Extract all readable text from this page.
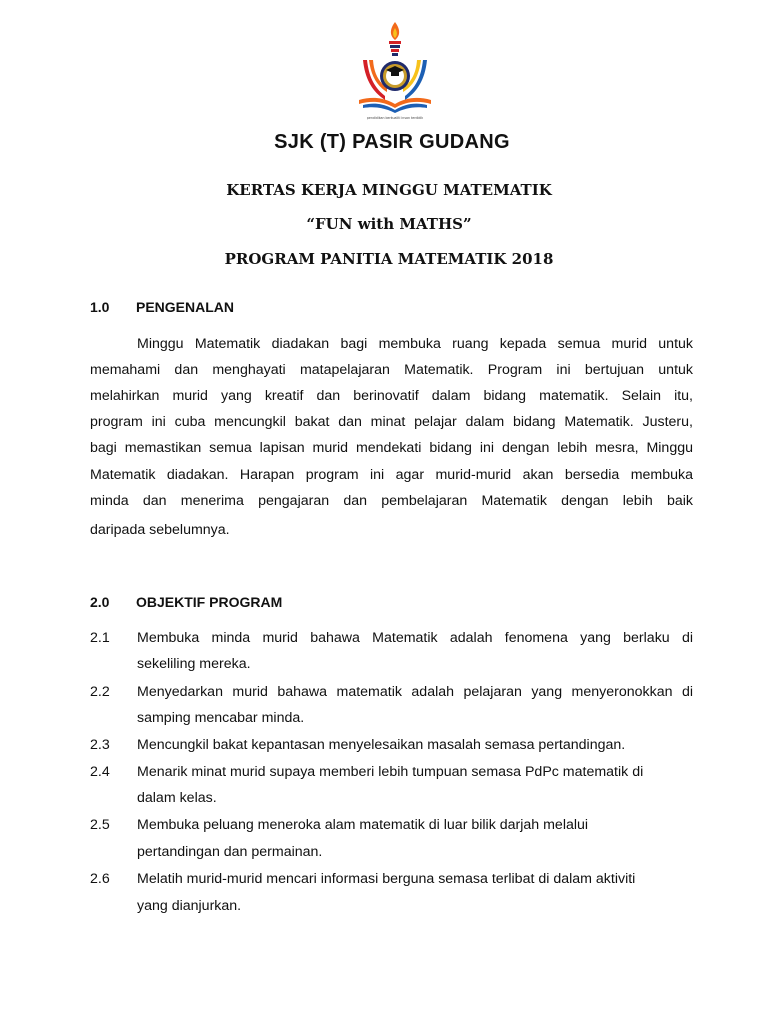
pendidikan berkualiti insan terdidik
SJK (T) PASIR GUDANG
KERTAS KERJA MINGGU MATEMATIK
“FUN with MATHS”
PROGRAM PANITIA MATEMATIK 2018
1.0 PENGENALAN
Minggu Matematik diadakan bagi membuka ruang kepada semua murid untuk
memahami dan menghayati matapelajaran Matematik. Program ini bertujuan untuk
melahirkan murid yang kreatif dan berinovatif dalam bidang matematik. Selain itu,
program ini cuba mencungkil bakat dan minat pelajar dalam bidang Matematik. Justeru,
bagi memastikan semua lapisan murid mendekati bidang ini dengan lebih mesra, Minggu
Matematik diadakan. Harapan program ini agar murid-murid akan bersedia membuka
minda dan menerima pengajaran dan pembelajaran Matematik dengan lebih baik
daripada sebelumnya.
2.0 OBJEKTIF PROGRAM
2.1 Membuka minda murid bahawa Matematik adalah fenomena yang berlaku di
sekeliling mereka.
2.2 Menyedarkan murid bahawa matematik adalah pelajaran yang menyeronokkan di
samping mencabar minda.
2.3 Mencungkil bakat kepantasan menyelesaikan masalah semasa pertandingan.
2.4 Menarik minat murid supaya memberi lebih tumpuan semasa PdPc matematik di
dalam kelas.
2.5 Membuka peluang meneroka alam matematik di luar bilik darjah melalui
pertandingan dan permainan.
2.6 Melatih murid-murid mencari informasi berguna semasa terlibat di dalam aktiviti
yang dianjurkan.
